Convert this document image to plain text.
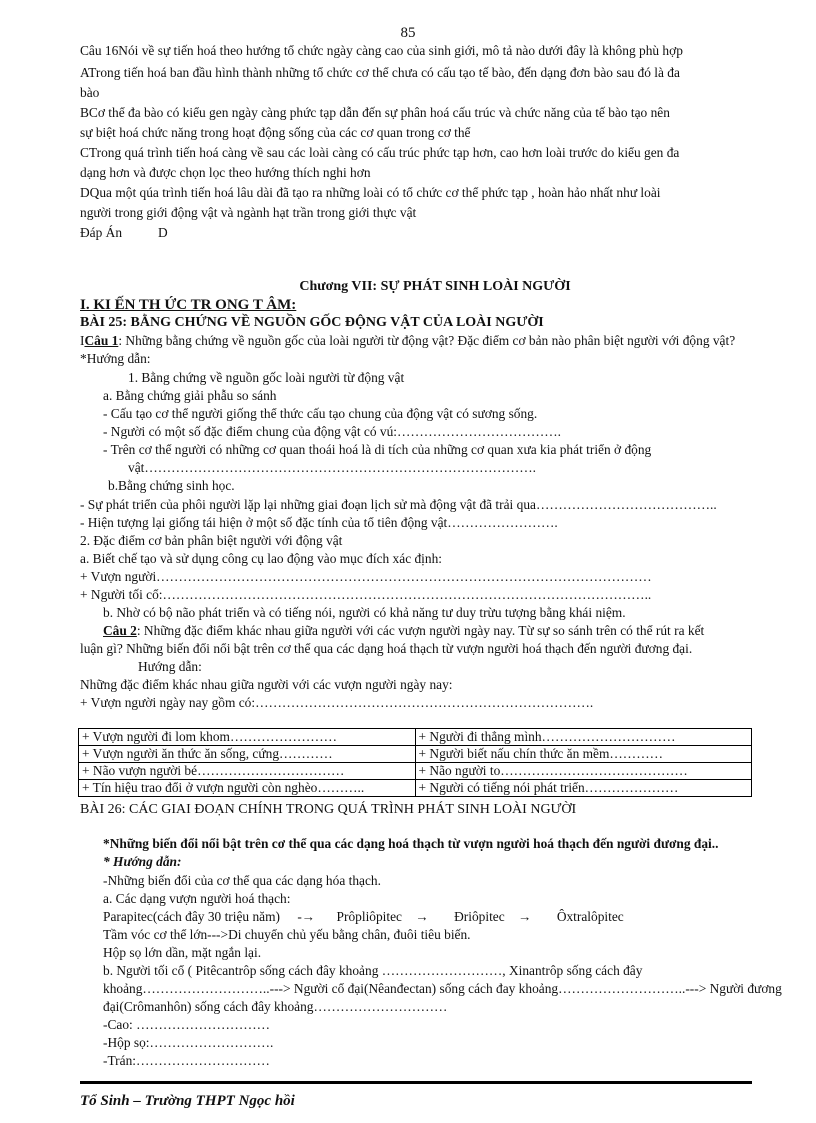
85
Câu 16Nói về sự tiến hoá theo hướng tổ chức ngày càng cao của sinh giới, mô tả nào dưới đây là không phù hợp
ATrong tiến hoá ban đầu hình thành những tổ chức cơ thể chưa có cấu tạo tế bào, đến dạng đơn bào sau đó là đa
bào
BCơ thể đa bào có kiểu gen ngày càng phức tạp dẫn đến sự phân hoá cấu trúc và chức năng của tế bào tạo nên
sự biệt hoá chức năng trong hoạt động sống của các cơ quan trong cơ thể
CTrong quá trình tiến hoá càng về sau các loài càng có cấu trúc phức tạp hơn, cao hơn loài trước do kiểu gen đa
dạng hơn và được chọn lọc theo hướng thích nghi hơn
DQua một qúa trình tiến hoá lâu dài đã tạo ra những loài có tổ chức cơ thể phức tạp , hoàn hảo nhất như loài
người trong giới động vật và ngành hạt trần trong giới thực vật
Đáp Án	D
Chương VII: SỰ PHÁT SINH LOÀI NGƯỜI
I. KI ẾN TH ỨC TR ONG T ÂM:
BÀI 25: BẰNG CHỨNG VỀ NGUỒN GỐC ĐỘNG VẬT CỦA LOÀI NGƯỜI
ICâu 1: Những bằng chứng về nguồn gốc của loài người từ động vật? Đặc điểm cơ bản nào phân biệt người với động vật?
*Hướng dẫn:
1. Bằng chứng về nguồn gốc loài người từ động vật
a. Bằng chứng giải phẫu so sánh
- Cấu tạo cơ thể người giống thể thức cấu tạo chung của động vật có sương sống.
- Người có một số đặc điểm chung của động vật có vú:……………………………….
- Trên cơ thể người có những cơ quan thoái hoá là di tích của những cơ quan xưa kia phát triển ở động
vật…………………………………………………………………………….
b.Bằng chứng sinh học.
- Sự phát triển của phôi người lặp lại những giai đoạn lịch sử mà động vật đã trải qua…………………………………..
- Hiện tượng lại giống tái hiện ở một số đặc tính của tổ tiên động vật…………………….
2. Đặc điểm cơ bản phân biệt người với động vật
a. Biết chế tạo và sử dụng công cụ lao động vào mục đích xác định:
+ Vượn người…………………………………………………………………………………………………
+ Người tối cổ:………………………………………………………………………………………………..
b. Nhờ có bộ não phát triển và có tiếng nói, người có khả năng tư duy trừu tượng bằng khái niệm.
Câu 2: Những đặc điểm khác nhau giữa người với các vượn người ngày nay. Từ sự so sánh trên có thể rút ra kết
luận gì? Những biến đổi nổi bật trên cơ thể qua các dạng hoá thạch từ vượn người hoá thạch đến người đương đại.
Hướng dẫn:
Những đặc điểm khác nhau giữa người với các vượn người ngày nay:
+ Vượn người ngày nay gồm có:………………………………………………………………….
+ Vượn người đi lom khom……………………	+ Người đi thẳng mình…………………………
+ Vượn người ăn thức ăn sống, cứng…………	+ Người biết nấu chín thức ăn mềm…………
+ Não vượn người bé……………………………	+ Não người to……………………………………
+ Tín hiệu trao đổi ở vượn người còn nghèo………..	+ Người có tiếng nói phát triển…………………
BÀI 26: CÁC GIAI ĐOẠN CHÍNH TRONG QUÁ TRÌNH PHÁT SINH LOÀI NGƯỜI
*Những biến đổi nổi bật trên cơ thể qua các dạng hoá thạch từ vượn người hoá thạch đến người đương đại..
* Hướng dẫn:
-Những biến đổi của cơ thể qua các dạng hóa thạch.
a. Các dạng vượn người hoá thạch:
Parapitec(cách đây 30 triệu năm) -→ Prôpliôpitec → Đriôpitec → Ôxtralôpitec
Tầm vóc cơ thể lớn--->Di chuyển chủ yếu bằng chân, đuôi tiêu biến.
Hộp sọ lớn dần, mặt ngắn lại.
b. Người tối cổ ( Pitêcantrôp sống cách đây khoảng ………………………, Xinantrôp sống cách đây
khoảng………………………..---> Người cổ đại(Nêanđectan) sống cách đay khoảng………………………..---> Người đương
đại(Crômanhôn) sống cách đây khoảng…………………………
-Cao: …………………………
-Hộp sọ:……………………….
-Trán:…………………………
Tổ Sinh – Trường THPT Ngọc hồi
